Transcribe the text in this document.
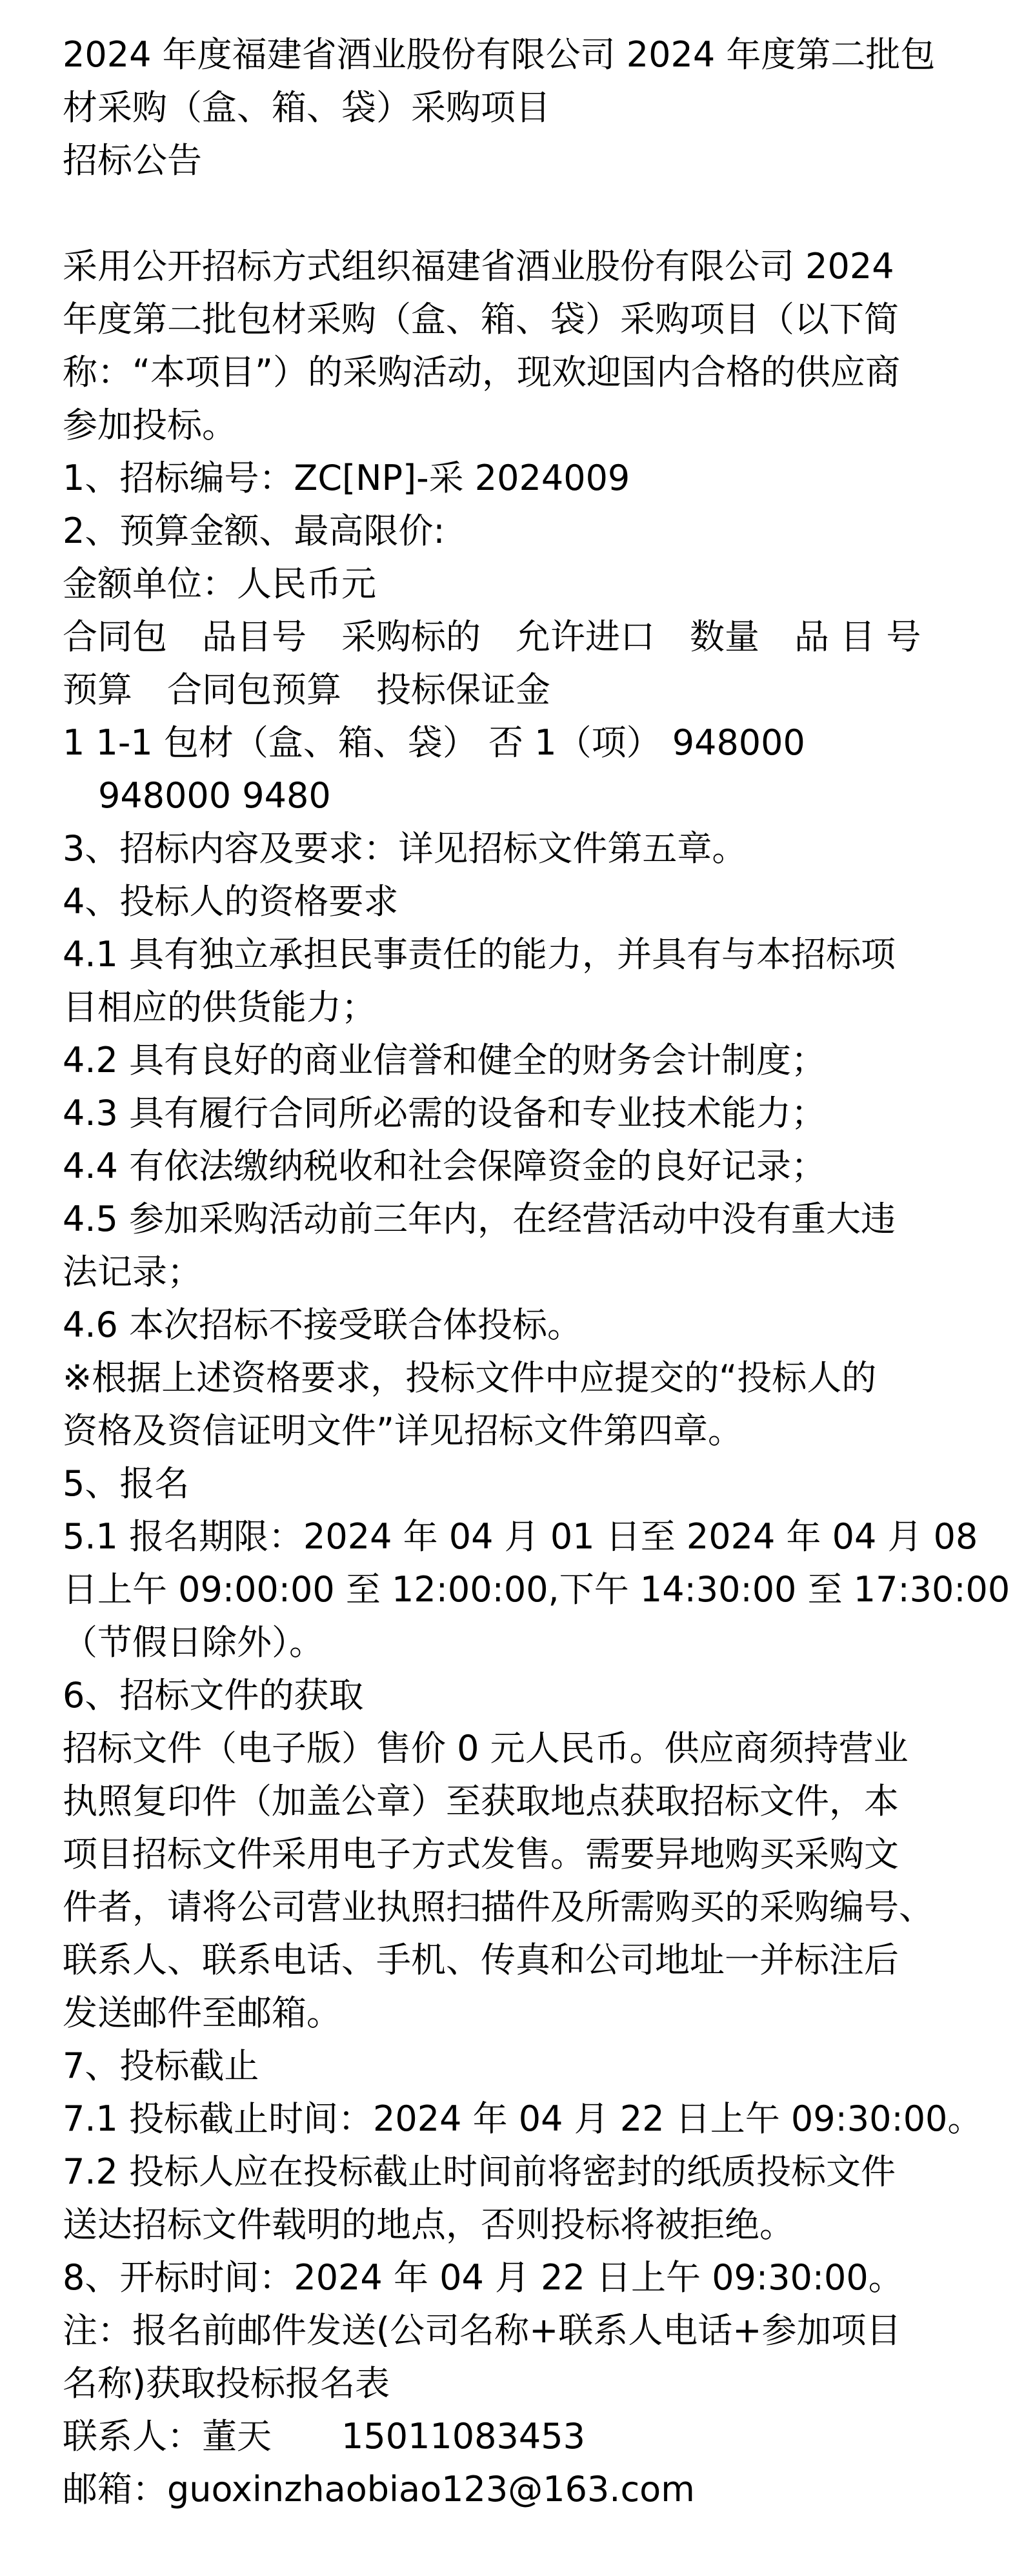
2024 年度福建省酒业股份有限公司 2024 年度第二批包
材采购（盒、箱、袋）采购项目
招标公告
采用公开招标方式组织福建省酒业股份有限公司 2024
年度第二批包材采购（盒、箱、袋）采购项目（以下简
称：“本项目”）的采购活动，现欢迎国内合格的供应商
参加投标。
1、招标编号：ZC[NP]-采 2024009
2、预算金额、最高限价:
金额单位：人民币元
合同包　品目号　采购标的　允许进口　数量　品 目 号
预算　合同包预算　投标保证金
1 1-1 包材（盒、箱、袋） 否 1（项） 948000
948000 9480
3、招标内容及要求：详见招标文件第五章。
4、投标人的资格要求
4.1 具有独立承担民事责任的能力，并具有与本招标项
目相应的供货能力；
4.2 具有良好的商业信誉和健全的财务会计制度；
4.3 具有履行合同所必需的设备和专业技术能力；
4.4 有依法缴纳税收和社会保障资金的良好记录；
4.5 参加采购活动前三年内，在经营活动中没有重大违
法记录；
4.6 本次招标不接受联合体投标。
※根据上述资格要求，投标文件中应提交的“投标人的
资格及资信证明文件”详见招标文件第四章。
5、报名
5.1 报名期限：2024 年 04 月 01 日至 2024 年 04 月 08
日上午 09:00:00 至 12:00:00,下午 14:30:00 至 17:30:00
（节假日除外）。
6、招标文件的获取
招标文件（电子版）售价 0 元人民币。供应商须持营业
执照复印件（加盖公章）至获取地点获取招标文件，本
项目招标文件采用电子方式发售。需要异地购买采购文
件者，请将公司营业执照扫描件及所需购买的采购编号、
联系人、联系电话、手机、传真和公司地址一并标注后
发送邮件至邮箱。
7、投标截止
7.1 投标截止时间：2024 年 04 月 22 日上午 09:30:00。
7.2 投标人应在投标截止时间前将密封的纸质投标文件
送达招标文件载明的地点，否则投标将被拒绝。
8、开标时间：2024 年 04 月 22 日上午 09:30:00。
注：报名前邮件发送(公司名称+联系人电话+参加项目
名称)获取投标报名表
联系人：董天　　15011083453
邮箱：guoxinzhaobiao123@163.com
